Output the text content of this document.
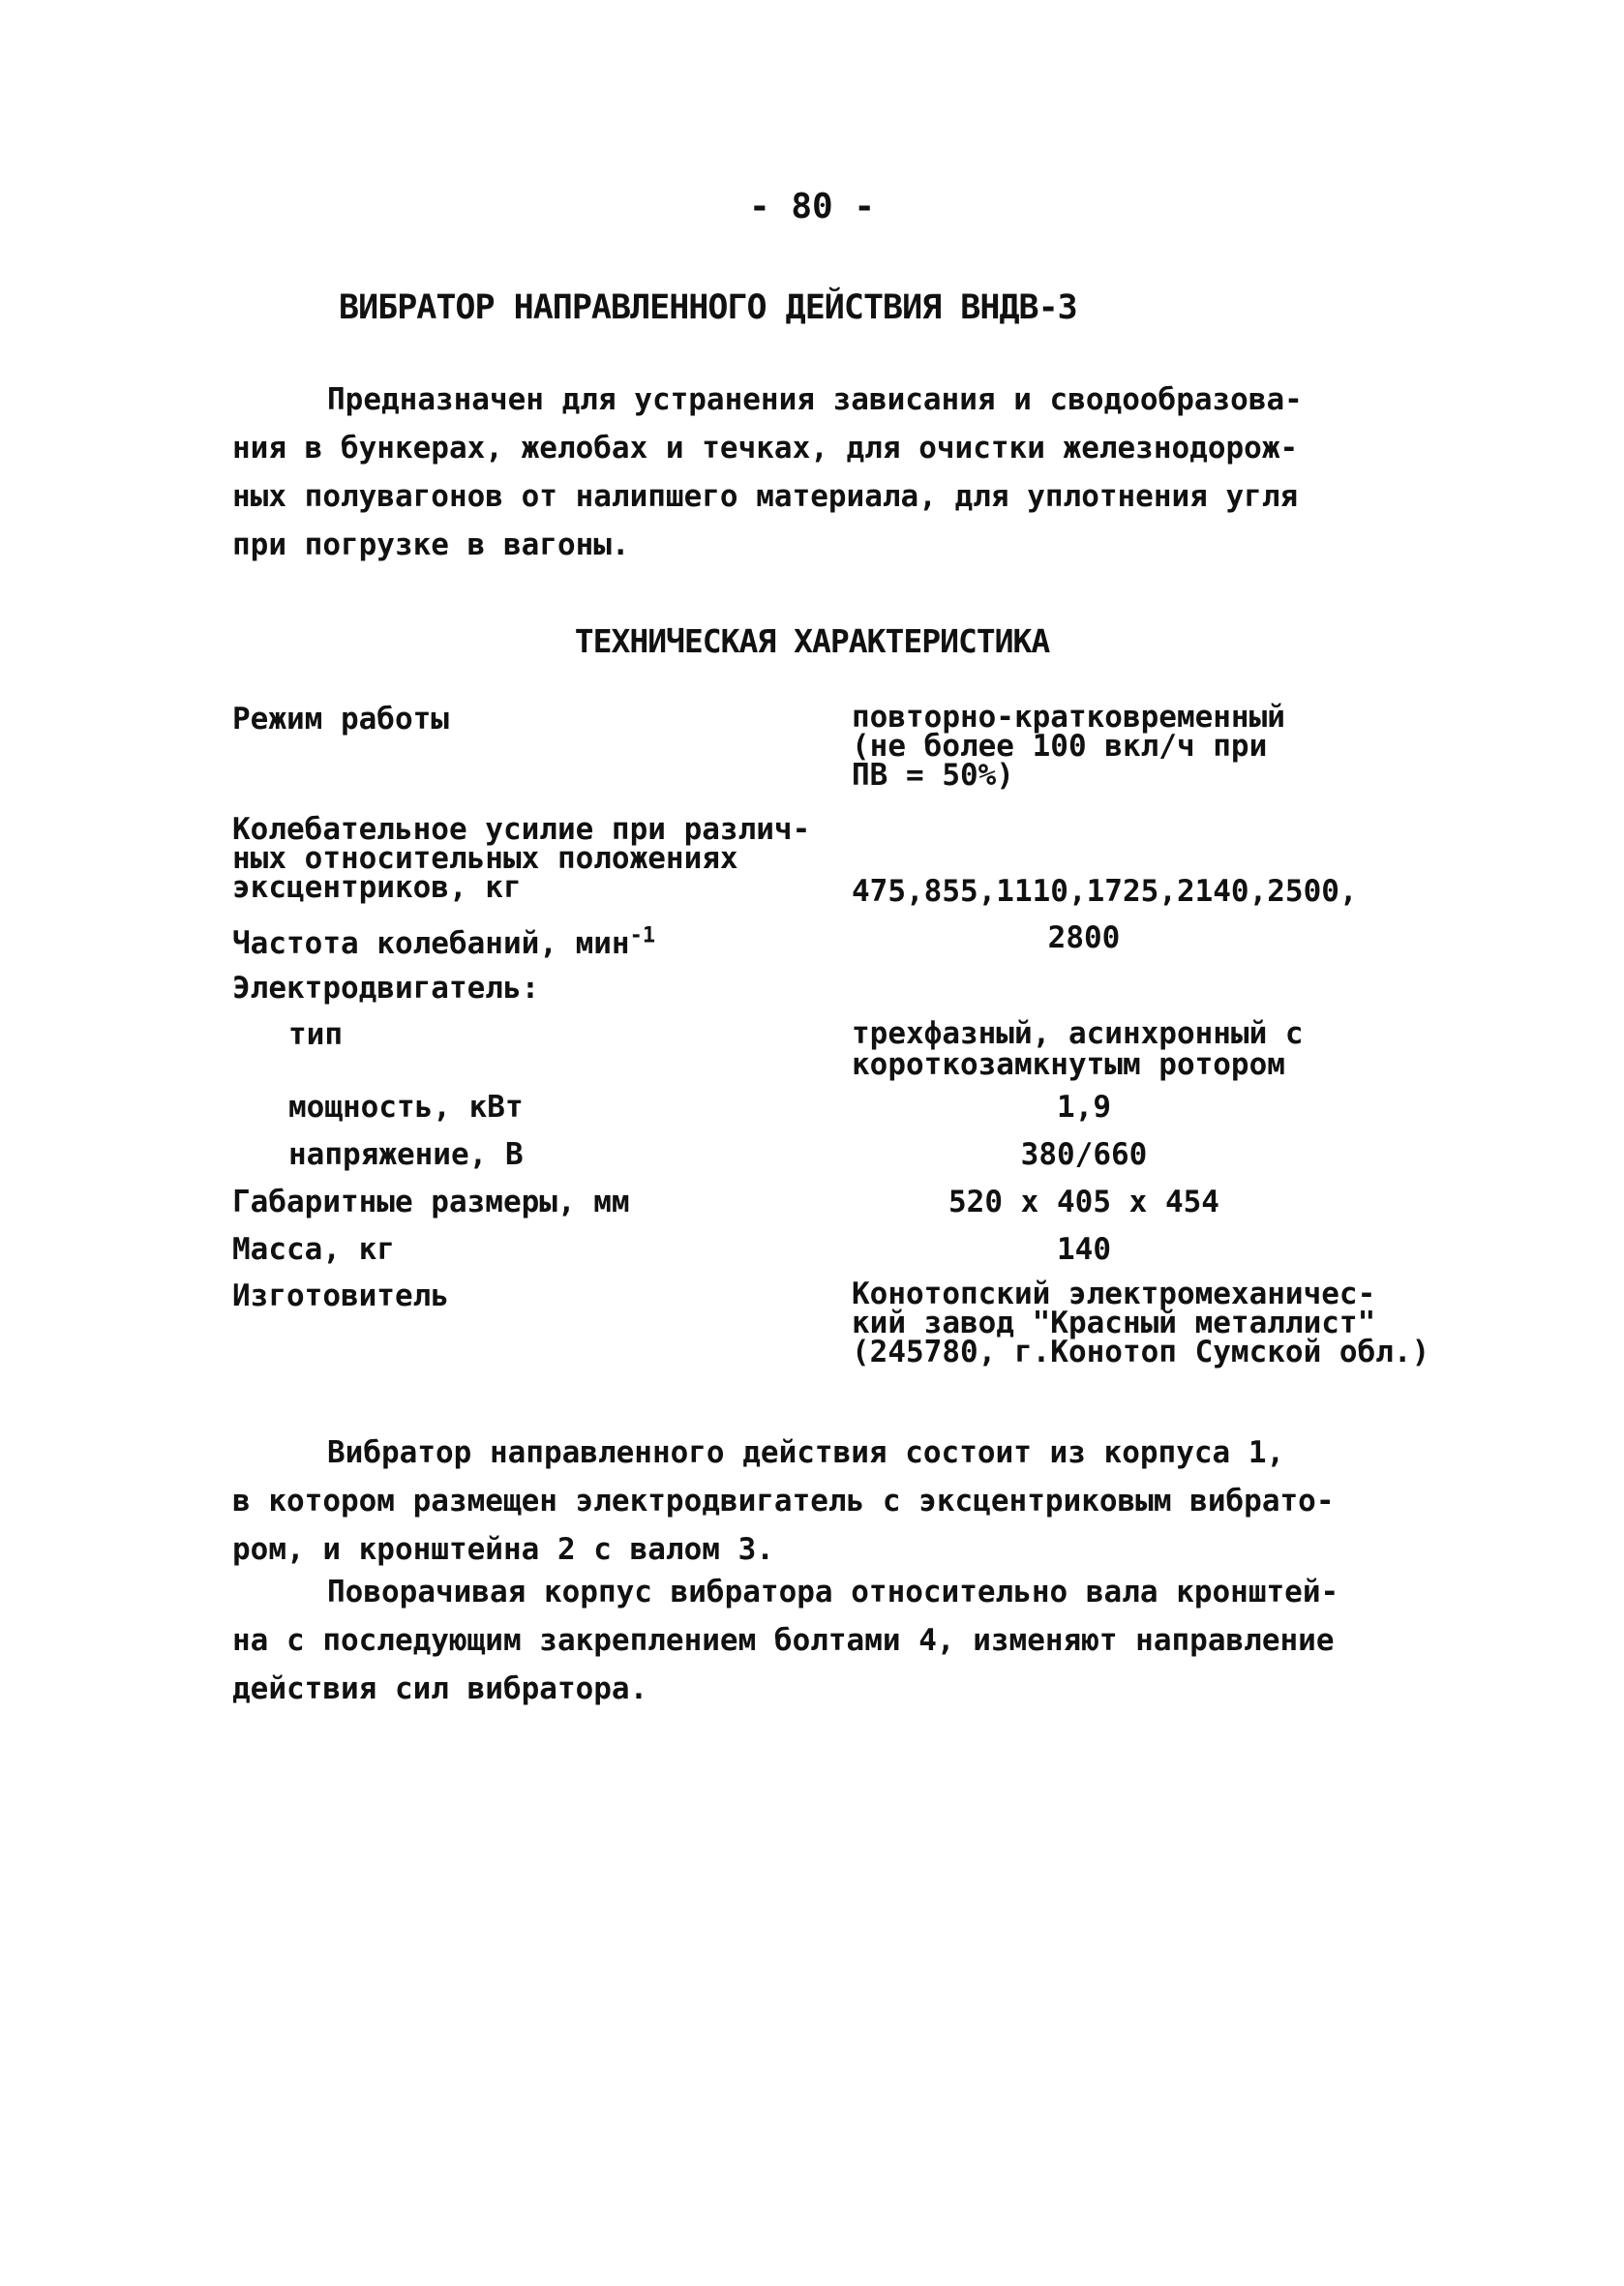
- 80 -
ВИБРАТОР НАПРАВЛЕННОГО ДЕЙСТВИЯ ВНДВ-3
Предназначен для устранения зависания и сводообразова-
ния в бункерах, желобах и течках, для очистки железнодорож-
ных полувагонов от налипшего материала, для уплотнения угля
при погрузке в вагоны.
ТЕХНИЧЕСКАЯ ХАРАКТЕРИСТИКА
Режим работы	повторно-кратковременный
(не более 100 вкл/ч при
ПВ = 50%)
Колебательное усилие при различ-
ных относительных положениях
эксцентриков, кг	475,855,1110,1725,2140,2500,
Частота колебаний, мин$^{-1}$	2800
Электродвигатель:
тип	трехфазный, асинхронный с
короткозамкнутым ротором
мощность, кВт	1,9
напряжение, В	380/660
Габаритные размеры, мм	520 х 405 х 454
Масса, кг	140
Изготовитель	Конотопский электромеханичес-
кий завод "Красный металлист"
(245780, г.Конотоп Сумской обл.)
Вибратор направленного действия состоит из корпуса 1,
в котором размещен электродвигатель с эксцентриковым вибрато-
ром, и кронштейна 2 с валом 3.
Поворачивая корпус вибратора относительно вала кронштей-
на с последующим закреплением болтами 4, изменяют направление
действия сил вибратора.
